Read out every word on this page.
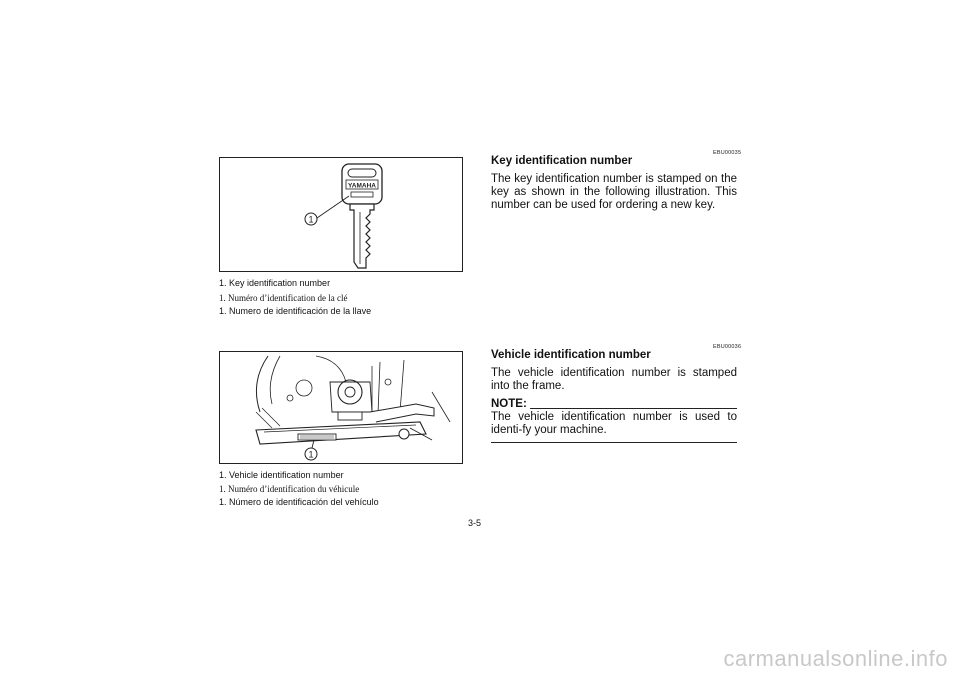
YAMAHA
1
1. Key identification number
1. Numéro d’identification de la clé
1. Numero de identificación de la llave
1
1. Vehicle identification number
1. Numéro d’identification du véhicule
1. Número de identificación del vehículo
EBU00035
Key identification number
The key identification number is stamped on the key as shown in the following illustration. This number can be used for ordering a new key.
EBU00036
Vehicle identification number
The vehicle identification number is stamped into the frame.
NOTE:
The vehicle identification number is used to identi-fy your machine.
3-5
carmanualsonline.info
